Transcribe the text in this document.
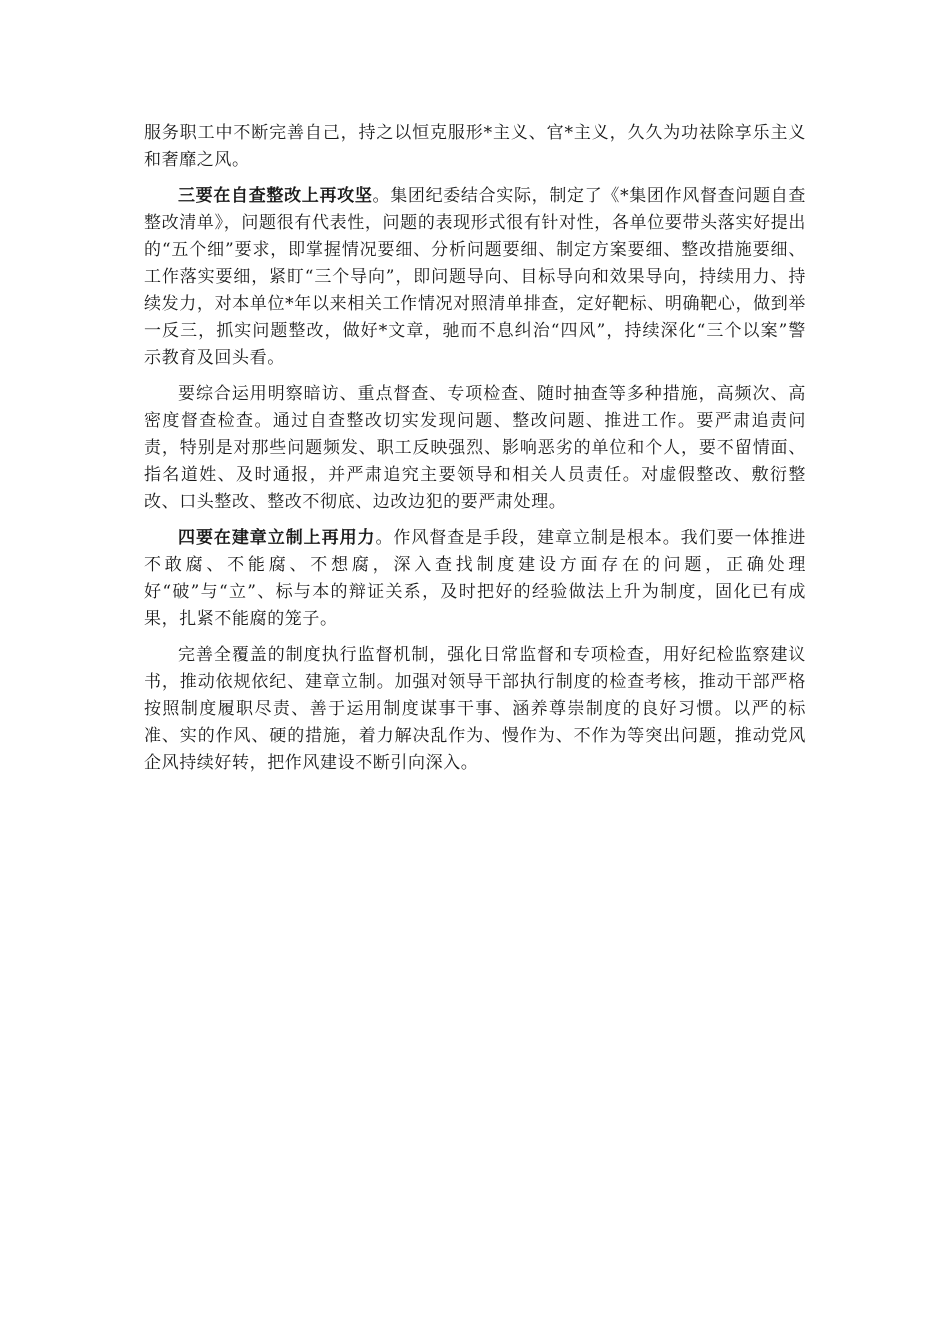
服务职工中不断完善自己，持之以恒克服形*主义、官*主义，久久为功祛除享乐主义和奢靡之风。

三要在自查整改上再攻坚。集团纪委结合实际，制定了《*集团作风督查问题自查整改清单》，问题很有代表性，问题的表现形式很有针对性，各单位要带头落实好提出的“五个细”要求，即掌握情况要细、分析问题要细、制定方案要细、整改措施要细、工作落实要细，紧盯“三个导向”，即问题导向、目标导向和效果导向，持续用力、持续发力，对本单位*年以来相关工作情况对照清单排查，定好靶标、明确靶心，做到举一反三，抓实问题整改，做好*文章，驰而不息纠治“四风”，持续深化“三个以案”警示教育及回头看。

要综合运用明察暗访、重点督查、专项检查、随时抽查等多种措施，高频次、高密度督查检查。通过自查整改切实发现问题、整改问题、推进工作。要严肃追责问责，特别是对那些问题频发、职工反映强烈、影响恶劣的单位和个人，要不留情面、指名道姓、及时通报，并严肃追究主要领导和相关人员责任。对虚假整改、敷衍整改、口头整改、整改不彻底、边改边犯的要严肃处理。

四要在建章立制上再用力。作风督查是手段，建章立制是根本。我们要一体推进不敢腐、不能腐、不想腐，深入查找制度建设方面存在的问题，正确处理好“破”与“立”、标与本的辩证关系，及时把好的经验做法上升为制度，固化已有成果，扎紧不能腐的笼子。

完善全覆盖的制度执行监督机制，强化日常监督和专项检查，用好纪检监察建议书，推动依规依纪、建章立制。加强对领导干部执行制度的检查考核，推动干部严格按照制度履职尽责、善于运用制度谋事干事、涵养尊崇制度的良好习惯。以严的标准、实的作风、硬的措施，着力解决乱作为、慢作为、不作为等突出问题，推动党风企风持续好转，把作风建设不断引向深入。
